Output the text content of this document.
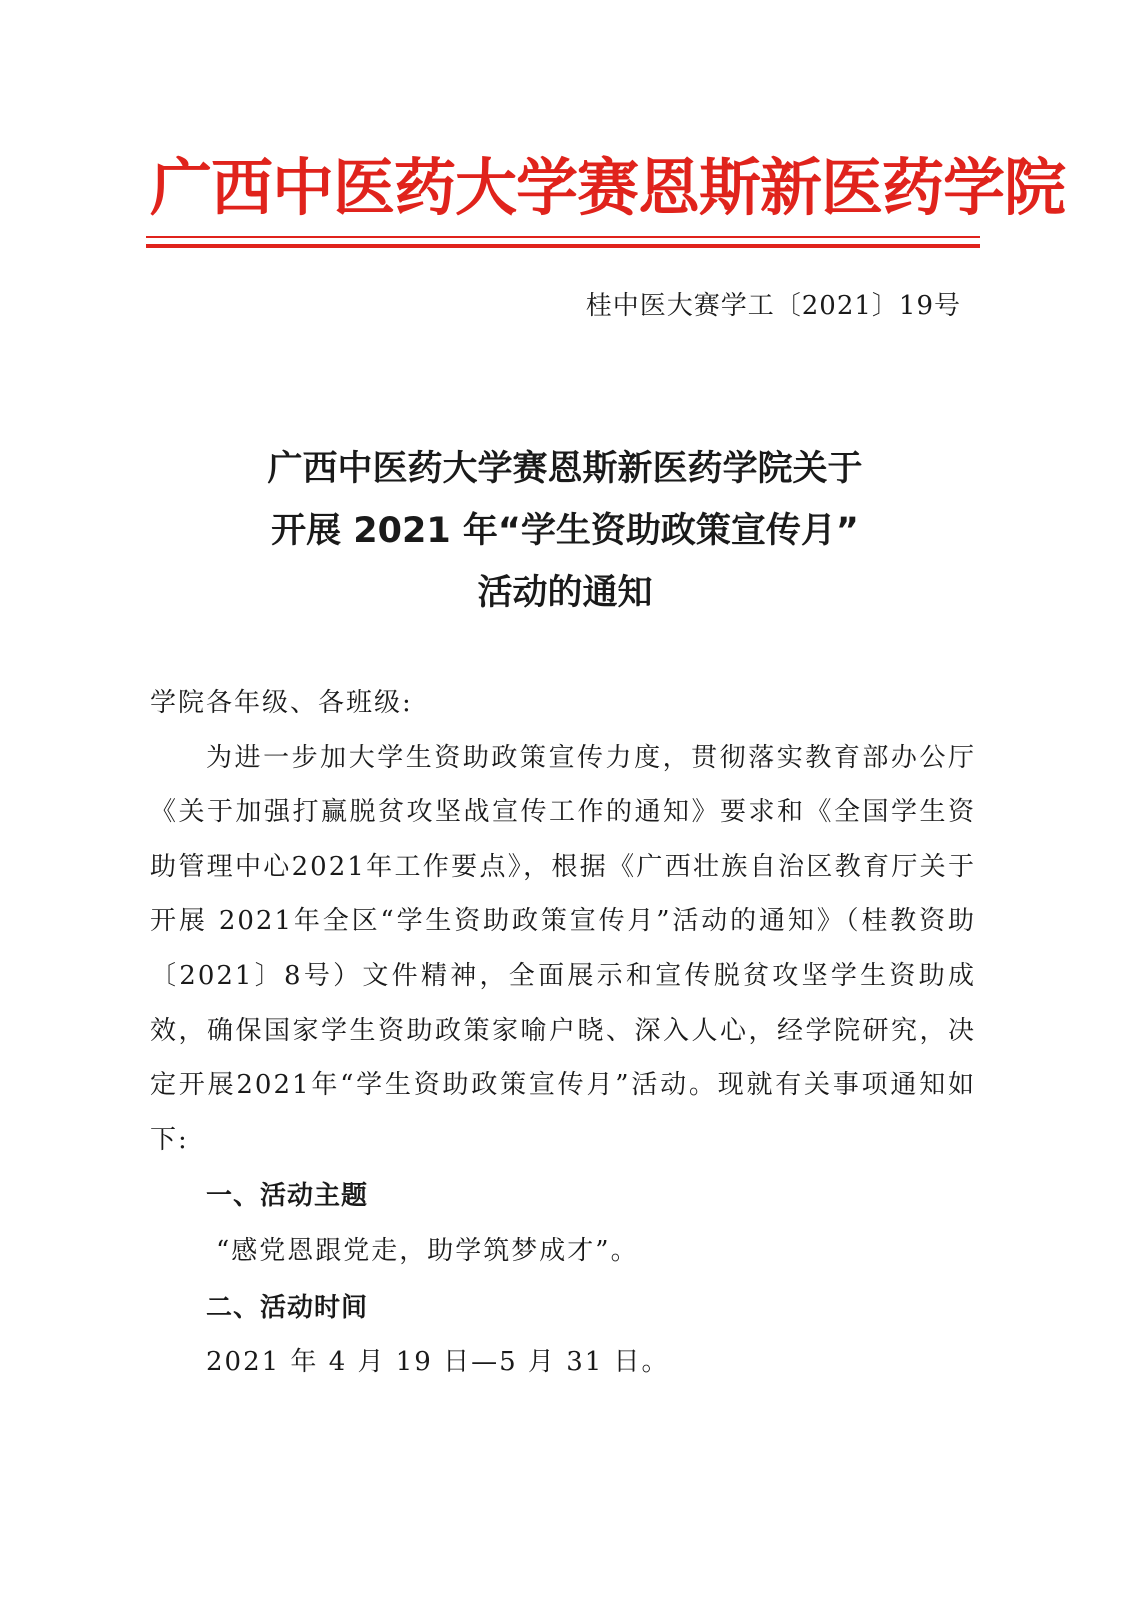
广西中医药大学赛恩斯新医药学院
桂中医大赛学工〔2021〕19号
广西中医药大学赛恩斯新医药学院关于
开展 2021 年“学生资助政策宣传月”
活动的通知

学院各年级、各班级:

为进一步加大学生资助政策宣传力度，贯彻落实教育部办公厅《关于加强打赢脱贫攻坚战宣传工作的通知》要求和《全国学生资助管理中心2021年工作要点》，根据《广西壮族自治区教育厅关于开展 2021年全区“学生资助政策宣传月”活动的通知》（桂教资助〔2021〕8号）文件精神，全面展示和宣传脱贫攻坚学生资助成效，确保国家学生资助政策家喻户晓、深入人心，经学院研究，决定开展2021年“学生资助政策宣传月”活动。现就有关事项通知如下:

一、活动主题

“感党恩跟党走，助学筑梦成才”。

二、活动时间

2021 年 4 月 19 日—5 月 31 日。
